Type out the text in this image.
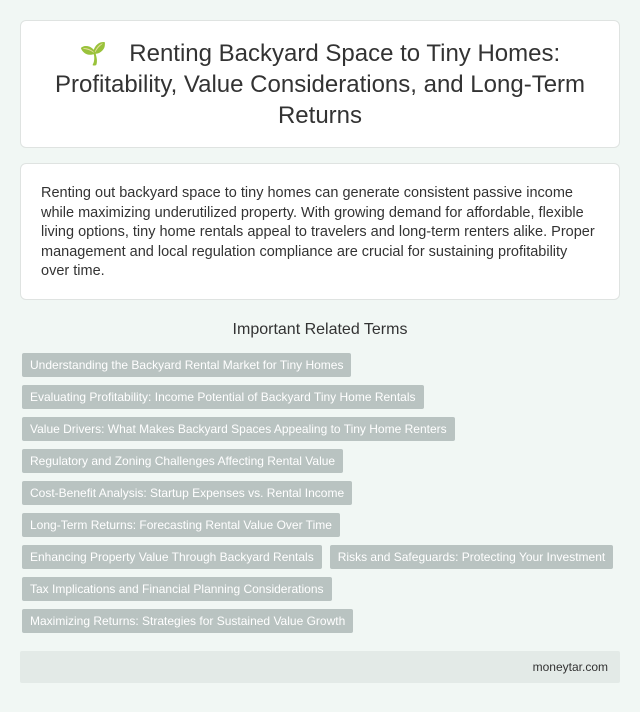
🌱 Renting Backyard Space to Tiny Homes: Profitability, Value Considerations, and Long-Term Returns

Renting out backyard space to tiny homes can generate consistent passive income while maximizing underutilized property. With growing demand for affordable, flexible living options, tiny home rentals appeal to travelers and long-term renters alike. Proper management and local regulation compliance are crucial for sustaining profitability over time.

Important Related Terms
Understanding the Backyard Rental Market for Tiny Homes
Evaluating Profitability: Income Potential of Backyard Tiny Home Rentals
Value Drivers: What Makes Backyard Spaces Appealing to Tiny Home Renters
Regulatory and Zoning Challenges Affecting Rental Value
Cost-Benefit Analysis: Startup Expenses vs. Rental Income
Long-Term Returns: Forecasting Rental Value Over Time
Enhancing Property Value Through Backyard Rentals	Risks and Safeguards: Protecting Your Investment
Tax Implications and Financial Planning Considerations
Maximizing Returns: Strategies for Sustained Value Growth
moneytar.com
